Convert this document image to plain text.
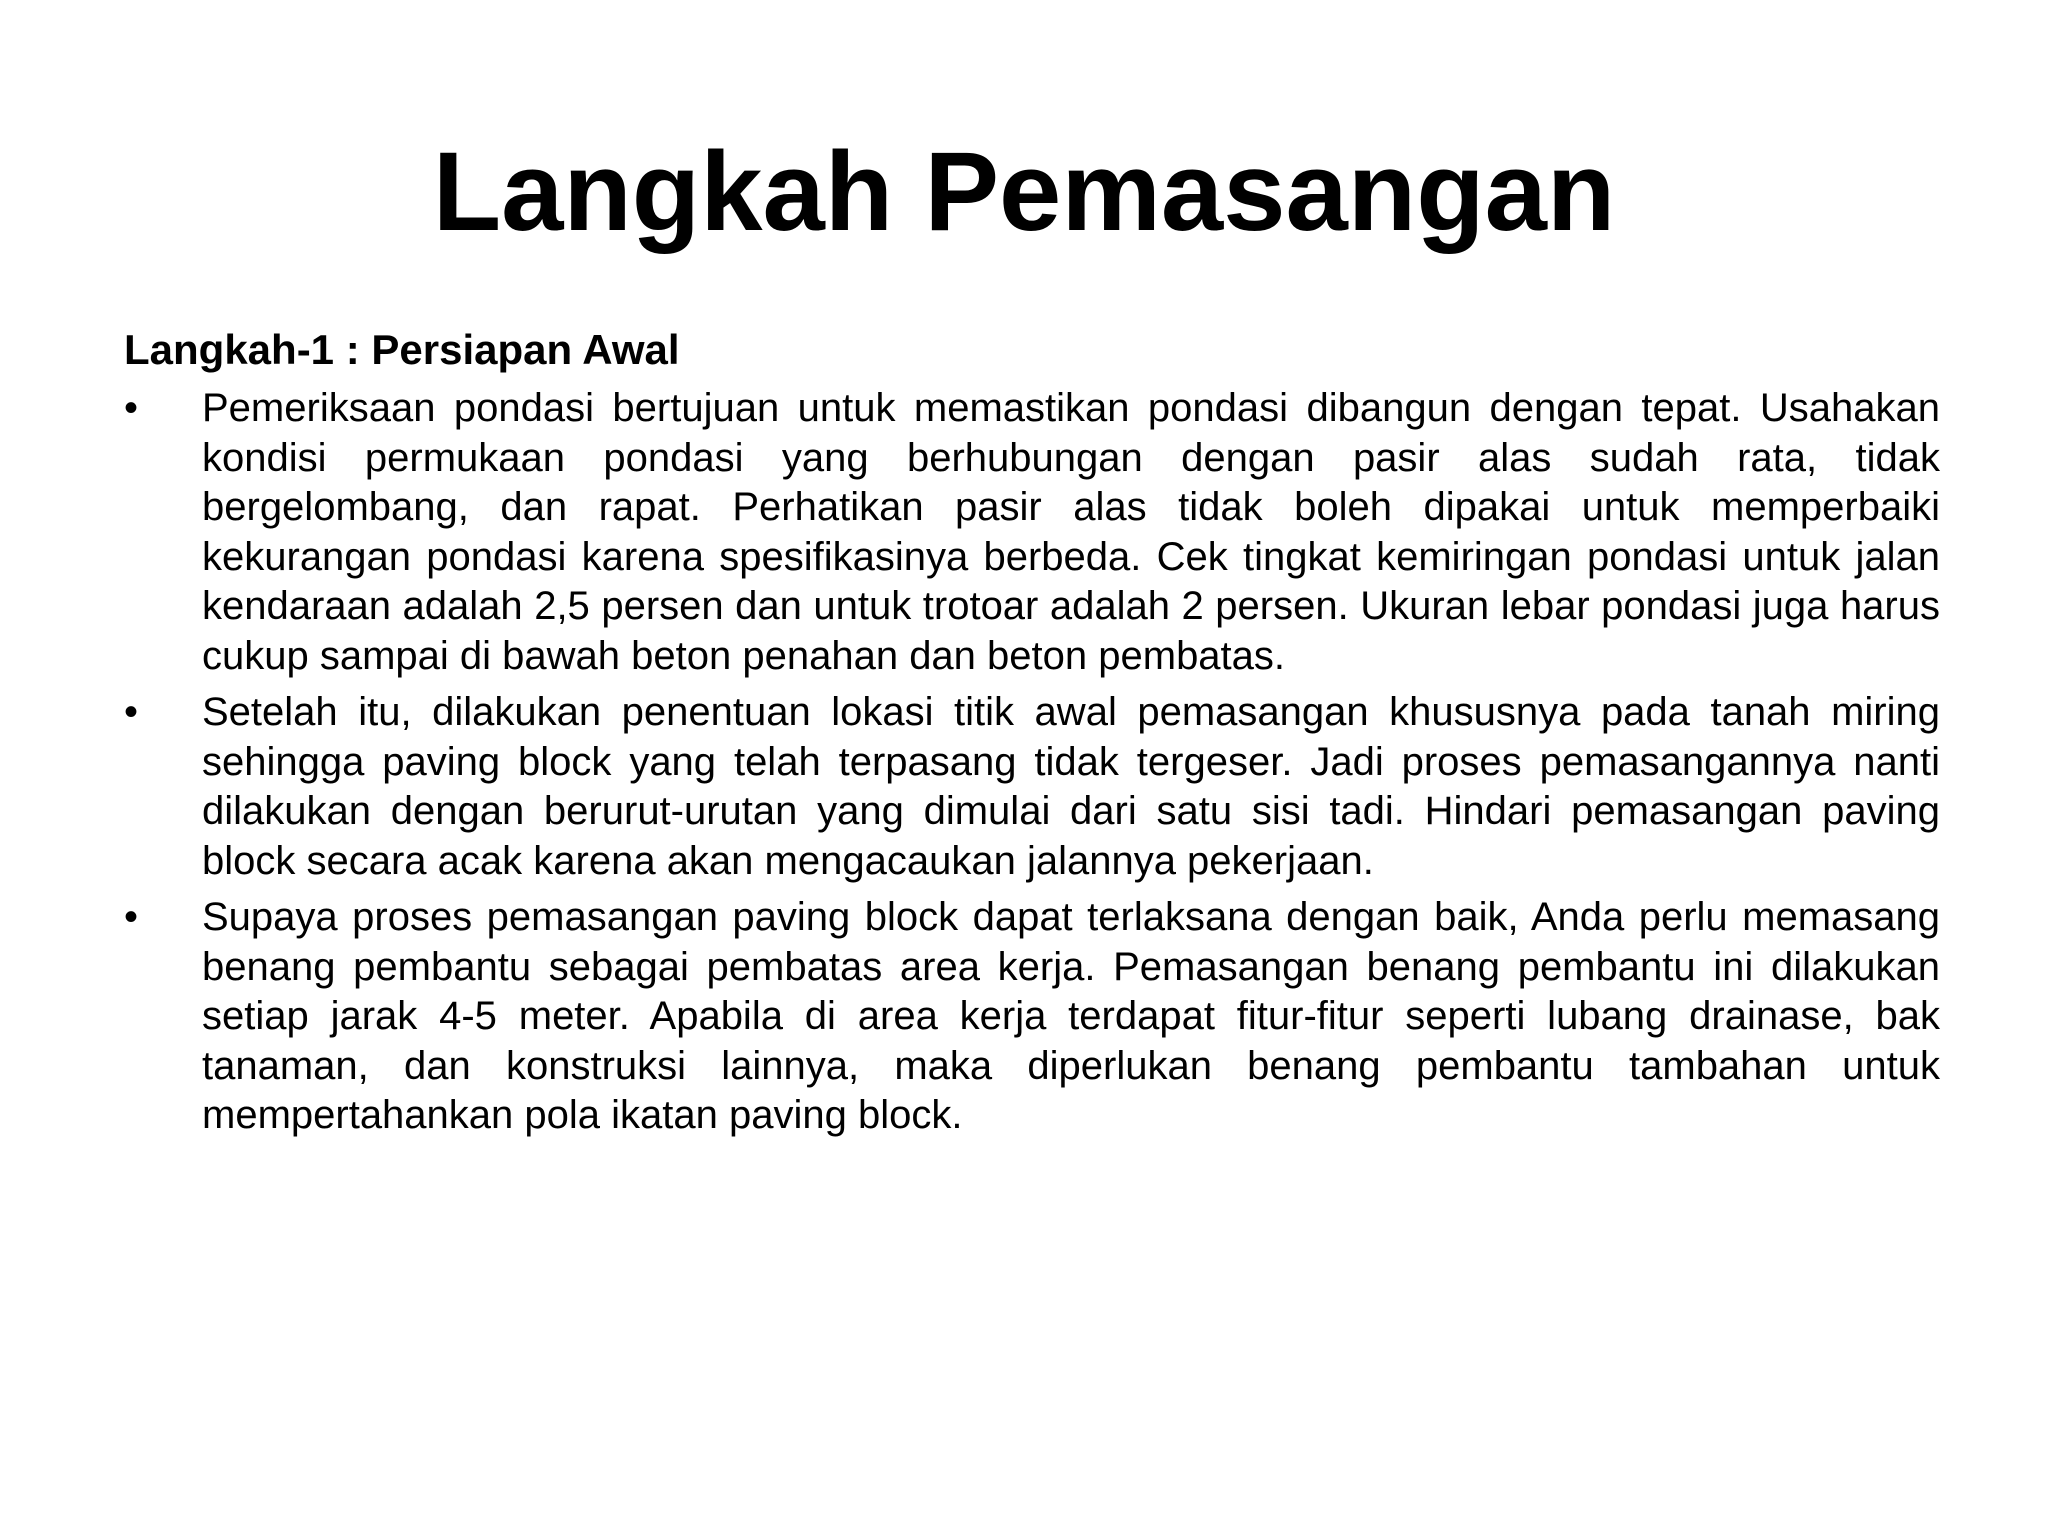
Langkah Pemasangan
Langkah-1 : Persiapan Awal
•	Pemeriksaan pondasi bertujuan untuk memastikan pondasi dibangun dengan tepat. Usahakan kondisi permukaan pondasi yang berhubungan dengan pasir alas sudah rata, tidak bergelombang, dan rapat. Perhatikan pasir alas tidak boleh dipakai untuk memperbaiki kekurangan pondasi karena spesifikasinya berbeda. Cek tingkat kemiringan pondasi untuk jalan kendaraan adalah 2,5 persen dan untuk trotoar adalah 2 persen. Ukuran lebar pondasi juga harus cukup sampai di bawah beton penahan dan beton pembatas.
•	Setelah itu, dilakukan penentuan lokasi titik awal pemasangan khususnya pada tanah miring sehingga paving block yang telah terpasang tidak tergeser. Jadi proses pemasangannya nanti dilakukan dengan berurut-urutan yang dimulai dari satu sisi tadi. Hindari pemasangan paving block secara acak karena akan mengacaukan jalannya pekerjaan.
•	Supaya proses pemasangan paving block dapat terlaksana dengan baik, Anda perlu memasang benang pembantu sebagai pembatas area kerja. Pemasangan benang pembantu ini dilakukan setiap jarak 4-5 meter. Apabila di area kerja terdapat fitur-fitur seperti lubang drainase, bak tanaman, dan konstruksi lainnya, maka diperlukan benang pembantu tambahan untuk mempertahankan pola ikatan paving block.
